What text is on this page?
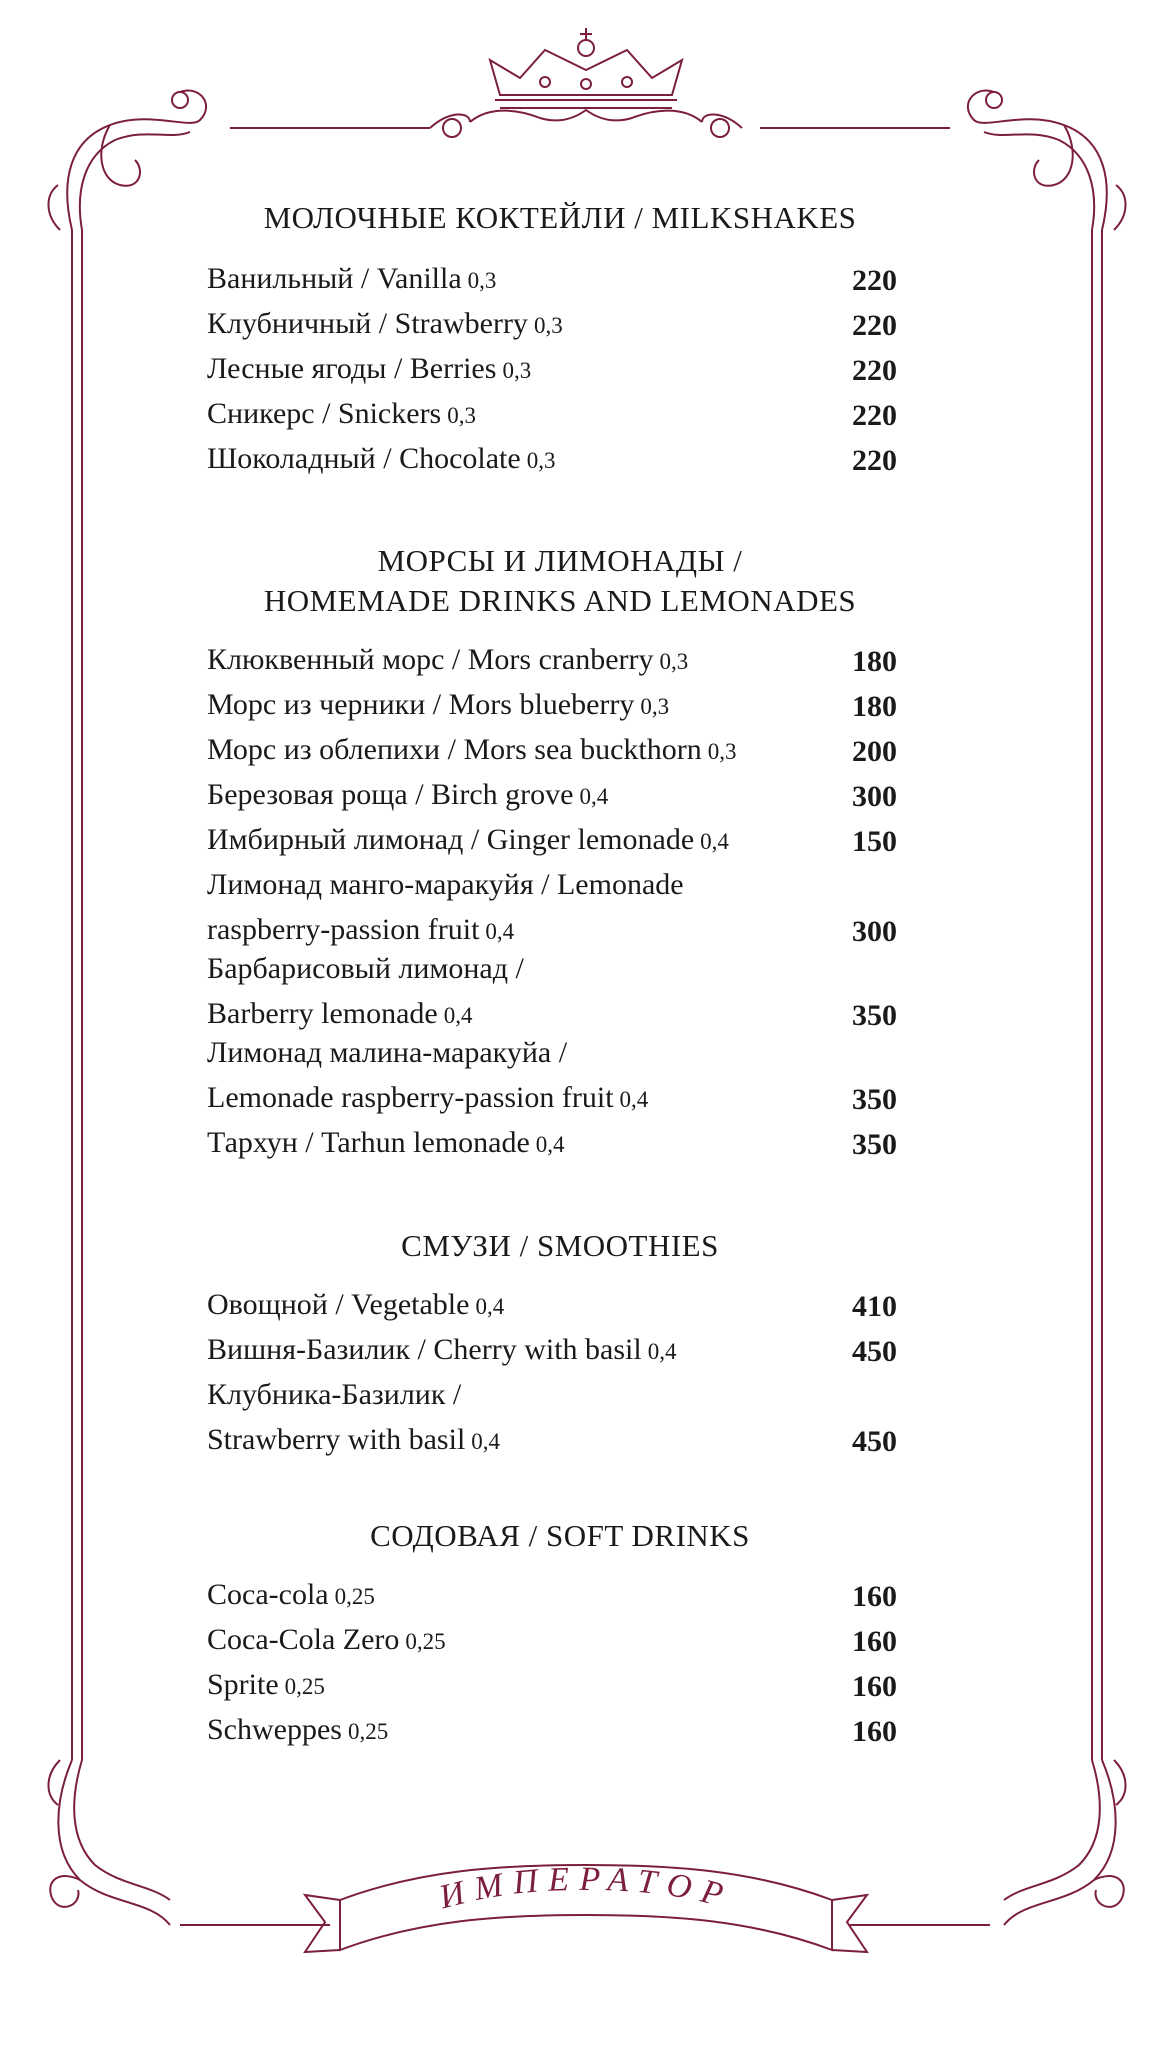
ИМПЕРАТОР
МОЛОЧНЫЕ КОКТЕЙЛИ / MILKSHAKES
Ванильный / Vanilla 0,3	220
Клубничный / Strawberry 0,3	220
Лесные ягоды / Berries 0,3	220
Сникерс / Snickers 0,3	220
Шоколадный / Chocolate 0,3	220
МОРСЫ И ЛИМОНАДЫ /
HOMEMADE DRINKS AND LEMONADES
Клюквенный морс / Mors cranberry 0,3	180
Морс из черники / Mors blueberry 0,3	180
Морс из облепихи / Mors sea buckthorn 0,3	200
Березовая роща / Birch grove 0,4	300
Имбирный лимонад / Ginger lemonade 0,4	150
Лимонад манго-маракуйя / Lemonade
raspberry-passion fruit 0,4	300
Барбарисовый лимонад /
Barberry lemonade 0,4	350
Лимонад малина-маракуйа /
Lemonade raspberry-passion fruit 0,4	350
Тархун / Tarhun lemonade 0,4	350
СМУЗИ / SMOOTHIES
Овощной / Vegetable 0,4	410
Вишня-Базилик / Cherry with basil 0,4	450
Клубника-Базилик /
Strawberry with basil 0,4	450
СОДОВАЯ / SOFT DRINKS
Coca-cola 0,25	160
Coca-Cola Zero 0,25	160
Sprite 0,25	160
Schweppes 0,25	160
